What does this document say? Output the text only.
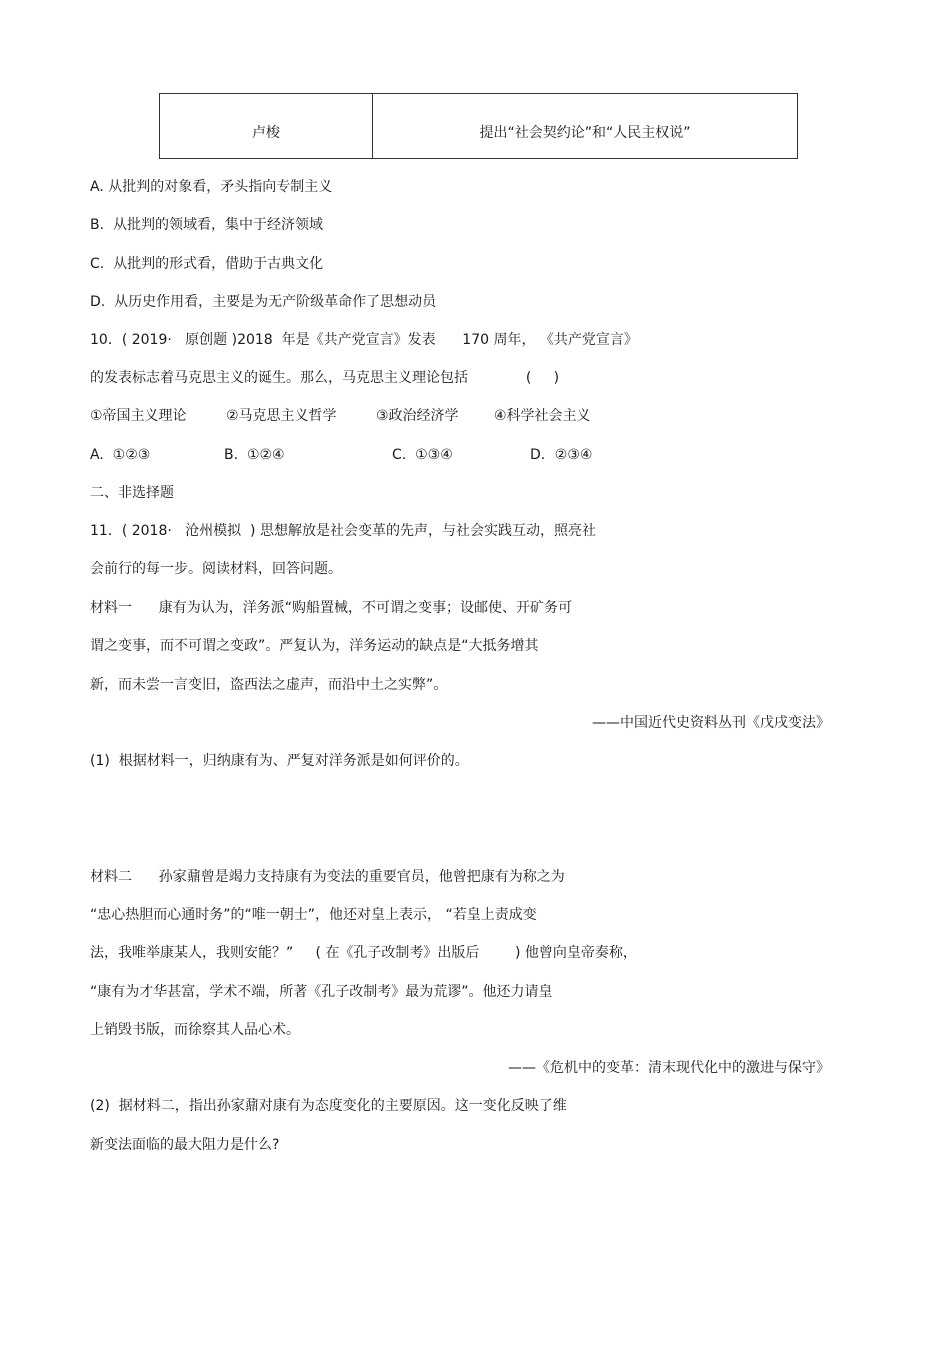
卢梭	提出“社会契约论”和“人民主权说”
A. 从批判的对象看，矛头指向专制主义
B.  从批判的领域看，集中于经济领域
C.  从批判的形式看，借助于古典文化
D.  从历史作用看，主要是为无产阶级革命作了思想动员
10．( 2019·   原创题 )2018  年是《共产党宣言》发表      170 周年， 《共产党宣言》
的发表标志着马克思主义的诞生。那么，马克思主义理论包括             (     )
①帝国主义理论	②马克思主义哲学	③政治经济学	④科学社会主义
A.  ①②③	B.  ①②④	C.  ①③④	D．②③④
二、非选择题
11．( 2018·   沧州模拟  ) 思想解放是社会变革的先声，与社会实践互动，照亮社
会前行的每一步。阅读材料，回答问题。
材料一      康有为认为，洋务派“购船置械，不可谓之变事；设邮使、开矿务可
谓之变事，而不可谓之变政”。严复认为，洋务运动的缺点是“大抵务增其
新，而未尝一言变旧，盗西法之虚声，而沿中土之实弊”。
——中国近代史资料丛刊《戊戌变法》
(1)  根据材料一，归纳康有为、严复对洋务派是如何评价的。
材料二      孙家鼐曾是竭力支持康有为变法的重要官员，他曾把康有为称之为
“忠心热胆而心通时务”的“唯一朝士”，他还对皇上表示， “若皇上责成变
法，我唯举康某人，我则安能？”     ( 在《孔子改制考》出版后        ) 他曾向皇帝奏称，
“康有为才华甚富，学术不端，所著《孔子改制考》最为荒谬”。他还力请皇
上销毁书版，而徐察其人品心术。
——《危机中的变革：清末现代化中的激进与保守》
(2)  据材料二，指出孙家鼐对康有为态度变化的主要原因。这一变化反映了维
新变法面临的最大阻力是什么?
